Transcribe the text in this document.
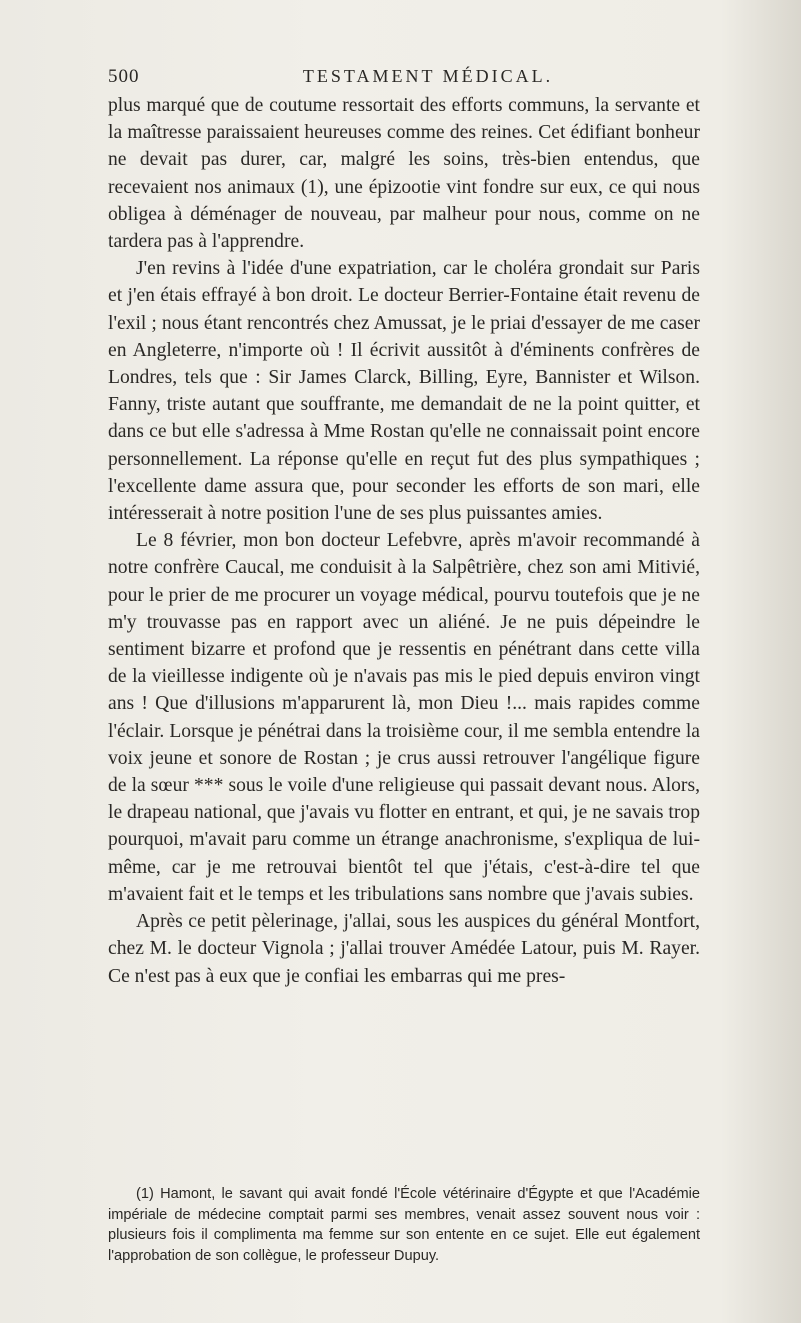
500	TESTAMENT MÉDICAL.

plus marqué que de coutume ressortait des efforts communs, la servante et la maîtresse paraissaient heureuses comme des reines. Cet édifiant bonheur ne devait pas durer, car, malgré les soins, très-bien entendus, que recevaient nos animaux (1), une épizootie vint fondre sur eux, ce qui nous obligea à déménager de nouveau, par malheur pour nous, comme on ne tardera pas à l'apprendre.

J'en revins à l'idée d'une expatriation, car le choléra grondait sur Paris et j'en étais effrayé à bon droit. Le docteur Berrier-Fontaine était revenu de l'exil ; nous étant rencontrés chez Amussat, je le priai d'essayer de me caser en Angleterre, n'importe où ! Il écrivit aussitôt à d'éminents confrères de Londres, tels que : Sir James Clarck, Billing, Eyre, Bannister et Wilson. Fanny, triste autant que souffrante, me demandait de ne la point quitter, et dans ce but elle s'adressa à Mme Rostan qu'elle ne connaissait point encore personnellement. La réponse qu'elle en reçut fut des plus sympathiques ; l'excellente dame assura que, pour seconder les efforts de son mari, elle intéresserait à notre position l'une de ses plus puissantes amies.

Le 8 février, mon bon docteur Lefebvre, après m'avoir recommandé à notre confrère Caucal, me conduisit à la Salpêtrière, chez son ami Mitivié, pour le prier de me procurer un voyage médical, pourvu toutefois que je ne m'y trouvasse pas en rapport avec un aliéné. Je ne puis dépeindre le sentiment bizarre et profond que je ressentis en pénétrant dans cette villa de la vieillesse indigente où je n'avais pas mis le pied depuis environ vingt ans ! Que d'illusions m'apparurent là, mon Dieu !... mais rapides comme l'éclair. Lorsque je pénétrai dans la troisième cour, il me sembla entendre la voix jeune et sonore de Rostan ; je crus aussi retrouver l'angélique figure de la sœur *** sous le voile d'une religieuse qui passait devant nous. Alors, le drapeau national, que j'avais vu flotter en entrant, et qui, je ne savais trop pourquoi, m'avait paru comme un étrange anachronisme, s'expliqua de lui-même, car je me retrouvai bientôt tel que j'étais, c'est-à-dire tel que m'avaient fait et le temps et les tribulations sans nombre que j'avais subies.

Après ce petit pèlerinage, j'allai, sous les auspices du général Montfort, chez M. le docteur Vignola ; j'allai trouver Amédée Latour, puis M. Rayer. Ce n'est pas à eux que je confiai les embarras qui me pres-

(1) Hamont, le savant qui avait fondé l'École vétérinaire d'Égypte et que l'Académie impériale de médecine comptait parmi ses membres, venait assez souvent nous voir : plusieurs fois il complimenta ma femme sur son entente en ce sujet. Elle eut également l'approbation de son collègue, le professeur Dupuy.
